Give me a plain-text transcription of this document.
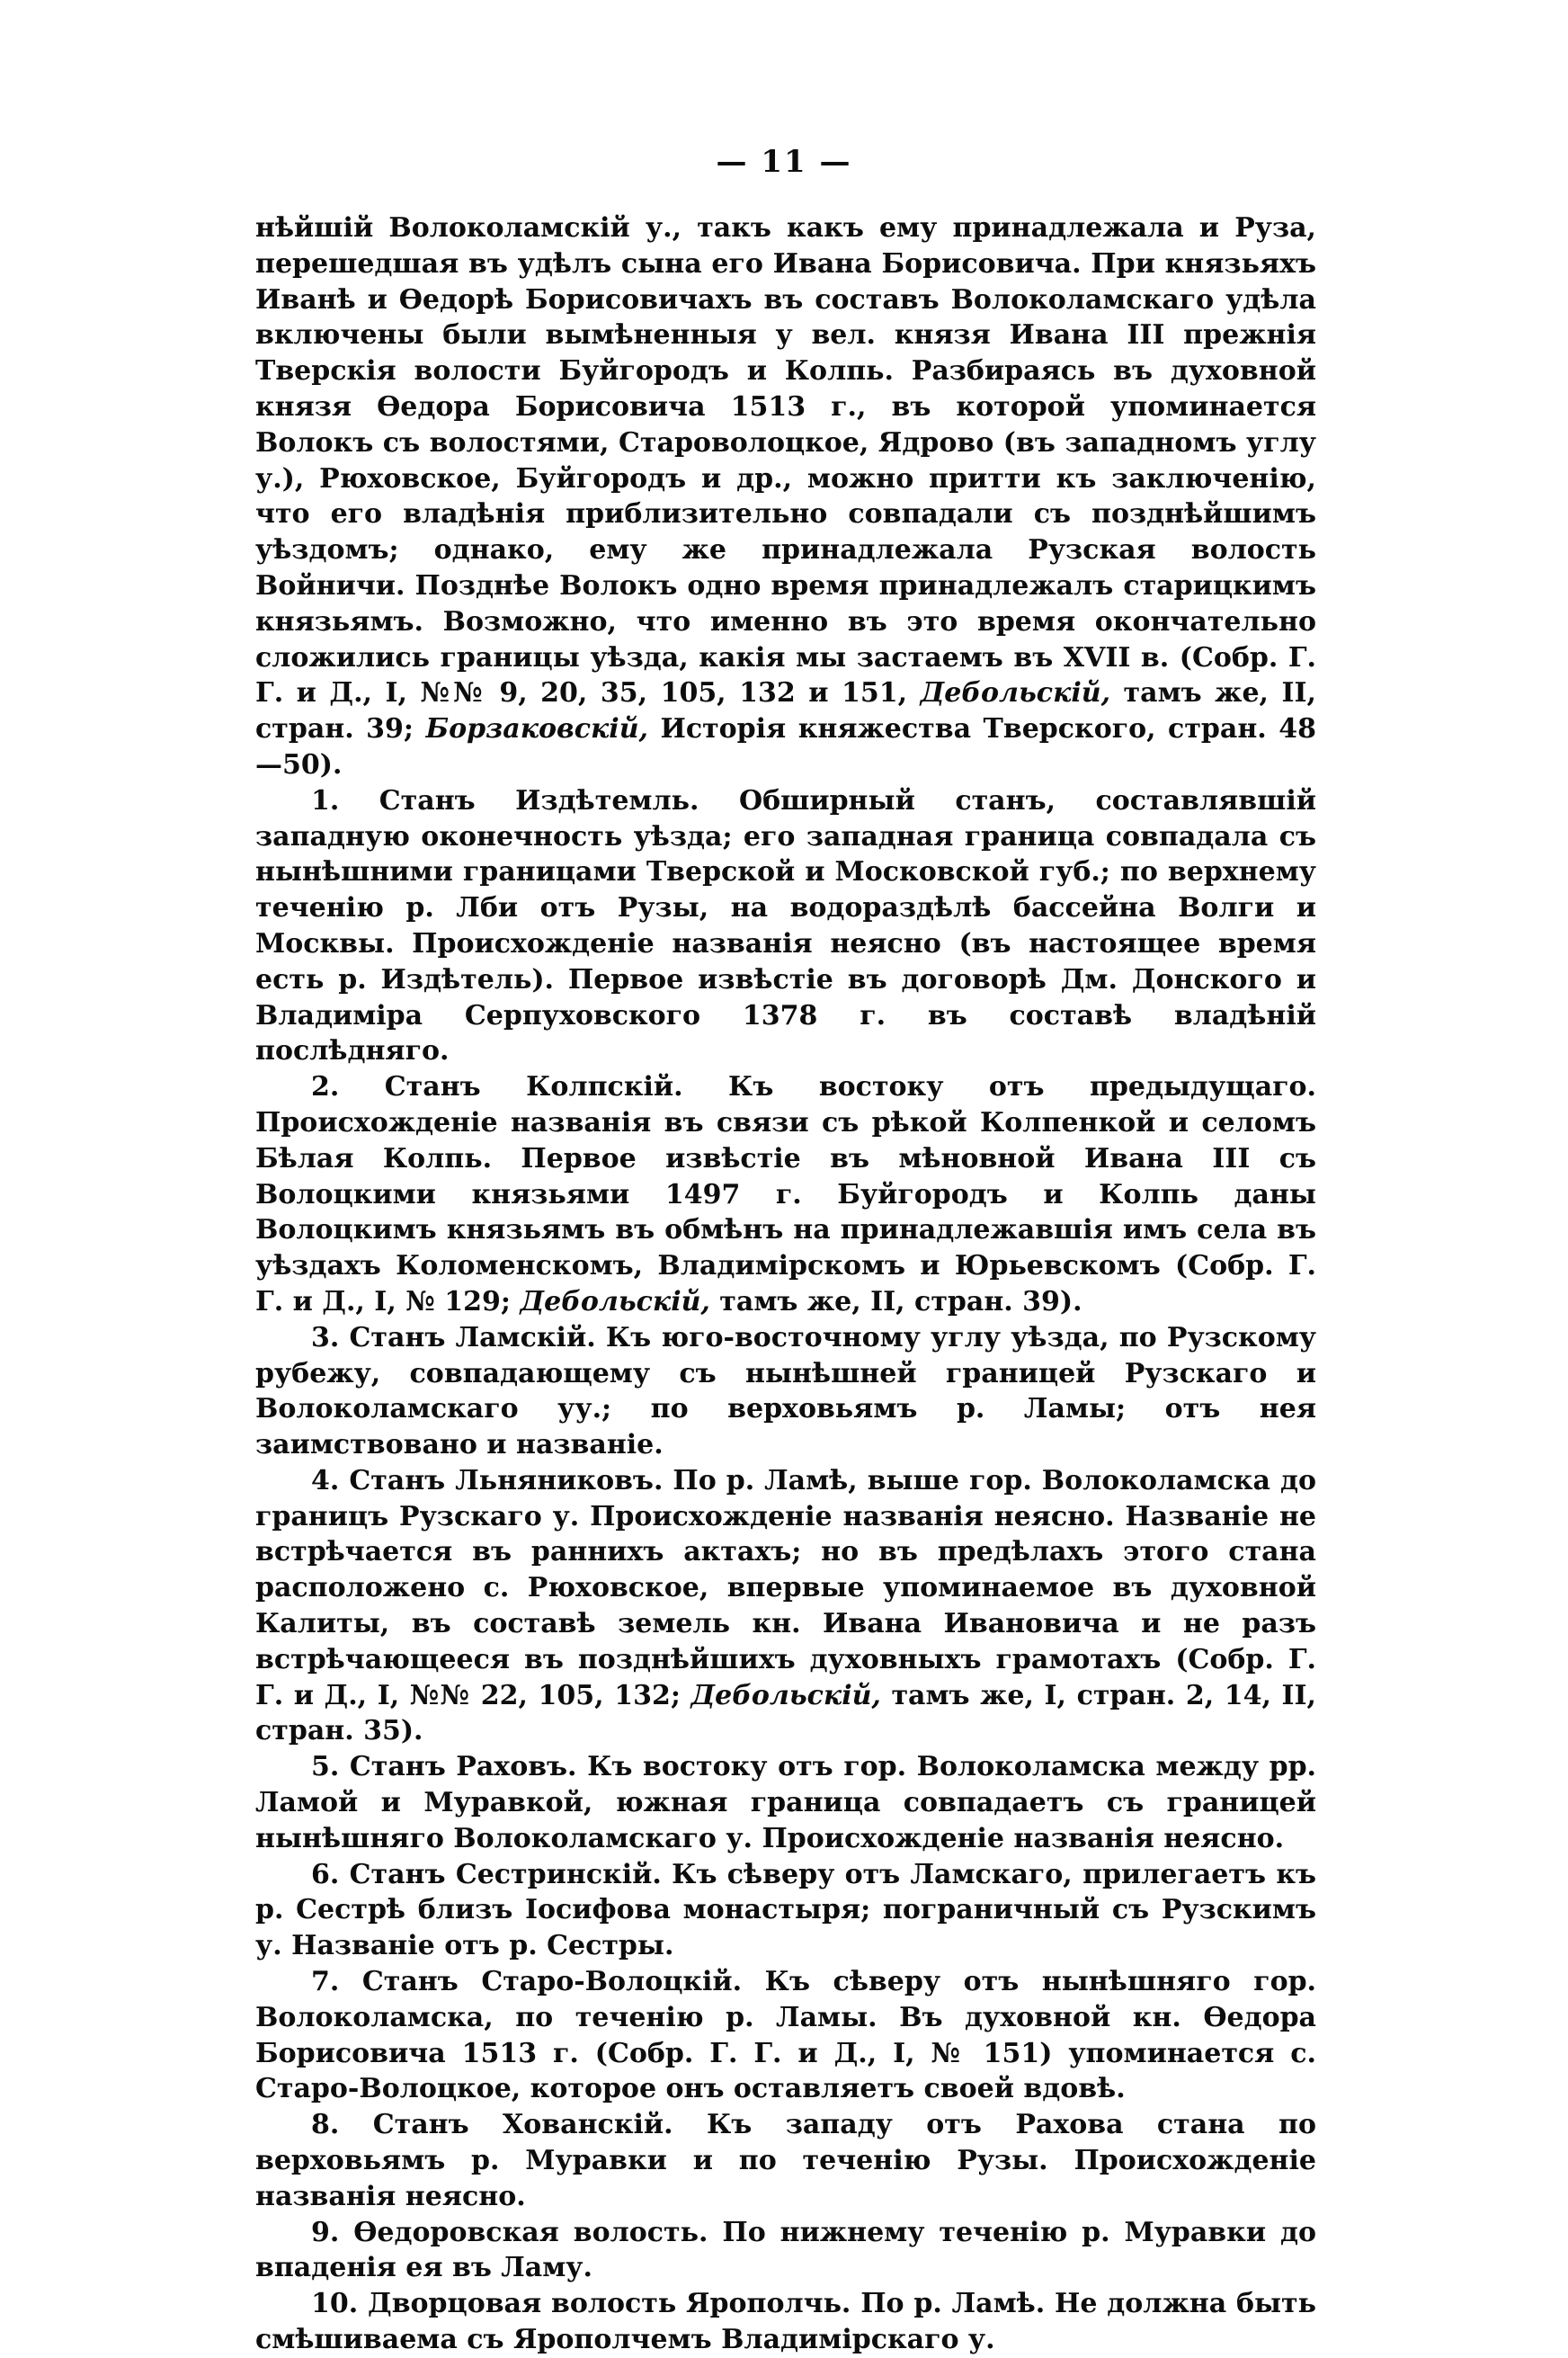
— 11 —

нѣйшій Волоколамскій у., такъ какъ ему принадлежала и Руза, перешедшая въ удѣлъ сына его Ивана Борисовича. При князьяхъ Иванѣ и Ѳедорѣ Борисовичахъ въ составъ Волоколамскаго удѣла включены были вымѣненныя у вел. князя Ивана III прежнія Тверскія волости Буйгородъ и Колпь. Разбираясь въ духовной князя Ѳедора Борисовича 1513 г., въ которой упоминается Волокъ съ волостями, Староволоцкое, Ядрово (въ западномъ углу у.), Рюховское, Буйгородъ и др., можно притти къ заключенію, что его владѣнія приблизительно совпадали съ позднѣйшимъ уѣздомъ; однако, ему же принадлежала Рузская волость Войничи. Позднѣе Волокъ одно время принадлежалъ старицкимъ князьямъ. Возможно, что именно въ это время окончательно сложились границы уѣзда, какія мы застаемъ въ XVII в. (Собр. Г. Г. и Д., I, №№ 9, 20, 35, 105, 132 и 151, Дебольскій, тамъ же, II, стран. 39; Борзаковскій, Исторія княжества Тверского, стран. 48—50).

1. Станъ Издѣтемль. Обширный станъ, составлявшій западную оконечность уѣзда; его западная граница совпадала съ нынѣшними границами Тверской и Московской губ.; по верхнему теченію р. Лби отъ Рузы, на водораздѣлѣ бассейна Волги и Москвы. Происхожденіе названія неясно (въ настоящее время есть р. Издѣтель). Первое извѣстіе въ договорѣ Дм. Донского и Владиміра Серпуховского 1378 г. въ составѣ владѣній послѣдняго.

2. Станъ Колпскій. Къ востоку отъ предыдущаго. Происхожденіе названія въ связи съ рѣкой Колпенкой и селомъ Бѣлая Колпь. Первое извѣстіе въ мѣновной Ивана III съ Волоцкими князьями 1497 г. Буйгородъ и Колпь даны Волоцкимъ князьямъ въ обмѣнъ на принадлежавшія имъ села въ уѣздахъ Коломенскомъ, Владимірскомъ и Юрьевскомъ (Собр. Г. Г. и Д., I, № 129; Дебольскій, тамъ же, II, стран. 39).

3. Станъ Ламскій. Къ юго-восточному углу уѣзда, по Рузскому рубежу, совпадающему съ нынѣшней границей Рузскаго и Волоколамскаго уу.; по верховьямъ р. Ламы; отъ нея заимствовано и названіе.

4. Станъ Льняниковъ. По р. Ламѣ, выше гор. Волоколамска до границъ Рузскаго у. Происхожденіе названія неясно. Названіе не встрѣчается въ раннихъ актахъ; но въ предѣлахъ этого стана расположено с. Рюховское, впервые упоминаемое въ духовной Калиты, въ составѣ земель кн. Ивана Ивановича и не разъ встрѣчающееся въ позднѣйшихъ духовныхъ грамотахъ (Собр. Г. Г. и Д., I, №№ 22, 105, 132; Дебольскій, тамъ же, I, стран. 2, 14, II, стран. 35).

5. Станъ Раховъ. Къ востоку отъ гор. Волоколамска между рр. Ламой и Муравкой, южная граница совпадаетъ съ границей нынѣшняго Волоколамскаго у. Происхожденіе названія неясно.

6. Станъ Сестринскій. Къ сѣверу отъ Ламскаго, прилегаетъ къ р. Сестрѣ близъ Іосифова монастыря; пограничный съ Рузскимъ у. Названіе отъ р. Сестры.

7. Станъ Старо-Волоцкій. Къ сѣверу отъ нынѣшняго гор. Волоколамска, по теченію р. Ламы. Въ духовной кн. Ѳедора Борисовича 1513 г. (Собр. Г. Г. и Д., I, № 151) упоминается с. Старо-Волоцкое, которое онъ оставляетъ своей вдовѣ.

8. Станъ Хованскій. Къ западу отъ Рахова стана по верховьямъ р. Муравки и по теченію Рузы. Происхожденіе названія неясно.

9. Ѳедоровская волость. По нижнему теченію р. Муравки до впаденія ея въ Ламу.

10. Дворцовая волость Ярополчь. По р. Ламѣ. Не должна быть смѣшиваема съ Ярополчемъ Владимірскаго у.
